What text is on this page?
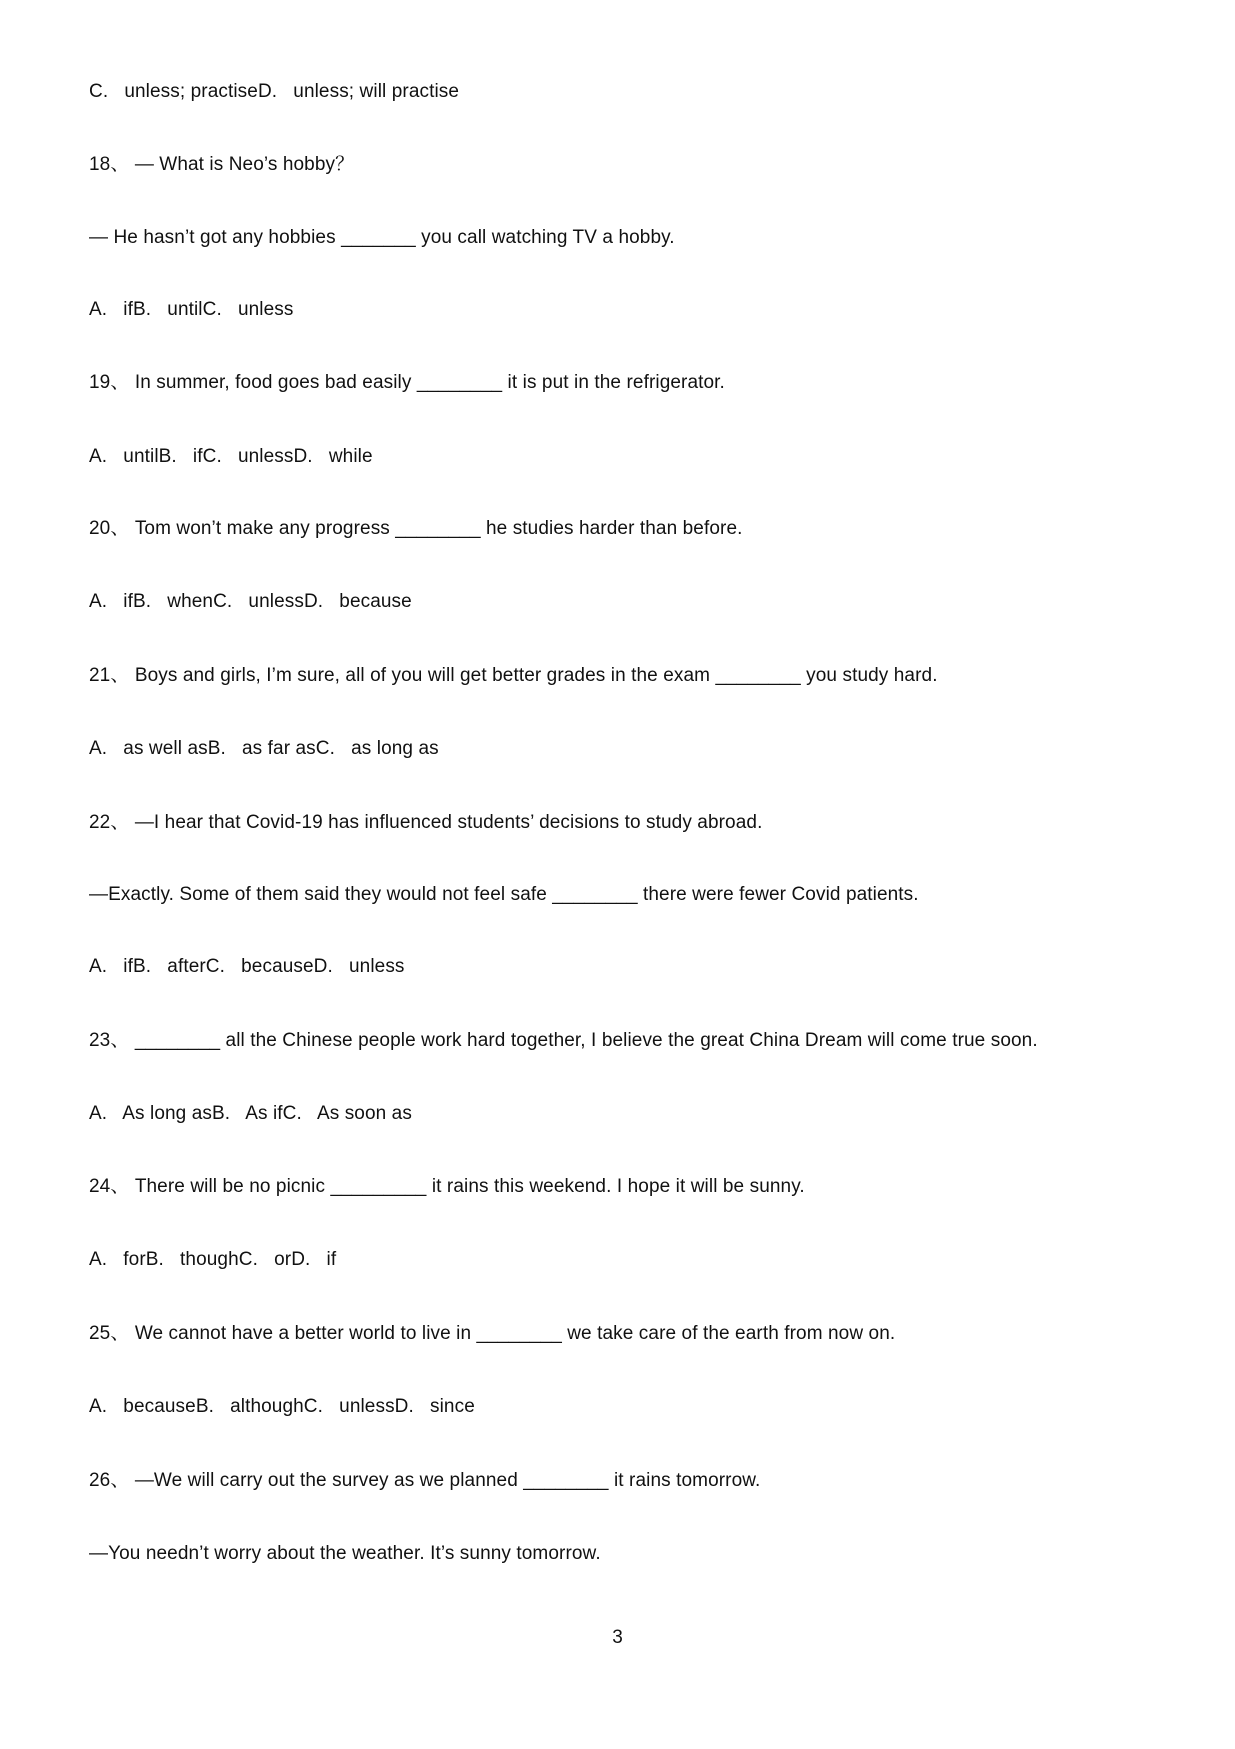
C.   unless; practiseD.   unless; will practise
18、 — What is Neo’s hobby？
— He hasn’t got any hobbies _______ you call watching TV a hobby.
A.   ifB.   untilC.   unless
19、 In summer, food goes bad easily ________ it is put in the refrigerator.
A.   untilB.   ifC.   unlessD.   while
20、 Tom won’t make any progress ________ he studies harder than before.
A.   ifB.   whenC.   unlessD.   because
21、 Boys and girls, I’m sure, all of you will get better grades in the exam ________ you study hard.
A.   as well asB.   as far asC.   as long as
22、 —I hear that Covid-19 has influenced students’ decisions to study abroad.
—Exactly. Some of them said they would not feel safe ________ there were fewer Covid patients.
A.   ifB.   afterC.   becauseD.   unless
23、 ________ all the Chinese people work hard together, I believe the great China Dream will come true soon.
A.   As long asB.   As ifC.   As soon as
24、 There will be no picnic _________ it rains this weekend. I hope it will be sunny.
A.   forB.   thoughC.   orD.   if
25、 We cannot have a better world to live in ________ we take care of the earth from now on.
A.   becauseB.   althoughC.   unlessD.   since
26、 —We will carry out the survey as we planned ________ it rains tomorrow.
—You needn’t worry about the weather. It’s sunny tomorrow.
3
